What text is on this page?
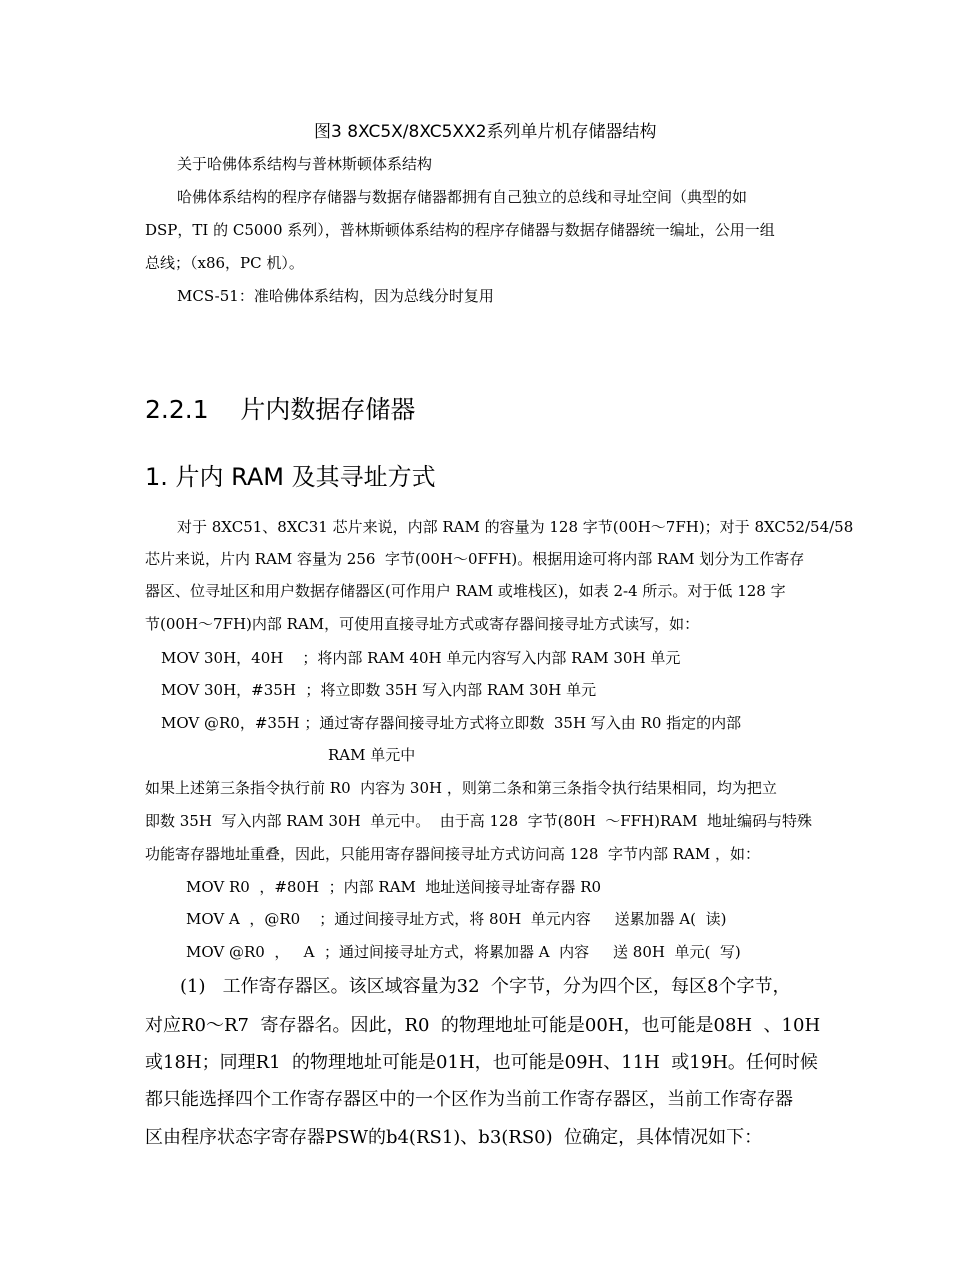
图3 8XC5X/8XC5XX2系列单片机存储器结构
关于哈佛体系结构与普林斯顿体系结构
哈佛体系结构的程序存储器与数据存储器都拥有自己独立的总线和寻址空间（典型的如
DSP，TI 的 C5000 系列），普林斯顿体系结构的程序存储器与数据存储器统一编址，公用一组
总线；（x86，PC 机）。
MCS-51：准哈佛体系结构，因为总线分时复用
2.2.1    片内数据存储器
1. 片内 RAM 及其寻址方式
对于 8XC51、8XC31 芯片来说，内部 RAM 的容量为 128 字节(00H～7FH)；对于 8XC52/54/58
芯片来说，片内 RAM 容量为 256  字节(00H～0FFH)。根据用途可将内部 RAM 划分为工作寄存
器区、位寻址区和用户数据存储器区(可作用户 RAM 或堆栈区)，如表 2-4 所示。对于低 128 字
节(00H～7FH)内部 RAM，可使用直接寻址方式或寄存器间接寻址方式读写，如：
MOV 30H，40H    ；将内部 RAM 40H 单元内容写入内部 RAM 30H 单元
MOV 30H，#35H  ；将立即数 35H 写入内部 RAM 30H 单元
MOV @R0，#35H ；通过寄存器间接寻址方式将立即数  35H 写入由 R0 指定的内部
RAM 单元中
如果上述第三条指令执行前 R0  内容为 30H ，则第二条和第三条指令执行结果相同，均为把立
即数 35H  写入内部 RAM 30H  单元中。  由于高 128  字节(80H  ～FFH)RAM  地址编码与特殊
功能寄存器地址重叠，因此，只能用寄存器间接寻址方式访问高 128  字节内部 RAM ，如：
MOV R0  ，#80H  ；内部 RAM  地址送间接寻址寄存器 R0
MOV A  ，@R0    ；通过间接寻址方式，将 80H  单元内容     送累加器 A(  读)
MOV @R0  ，   A  ；通过间接寻址方式，将累加器 A  内容     送 80H  单元(  写)
(1)   工作寄存器区。该区域容量为32  个字节，分为四个区，每区8个字节，
对应R0～R7  寄存器名。因此，R0  的物理地址可能是00H，也可能是08H  、10H
或18H；同理R1  的物理地址可能是01H，也可能是09H、11H  或19H。任何时候
都只能选择四个工作寄存器区中的一个区作为当前工作寄存器区，当前工作寄存器
区由程序状态字寄存器PSW的b4(RS1)、b3(RS0)  位确定，具体情况如下：
